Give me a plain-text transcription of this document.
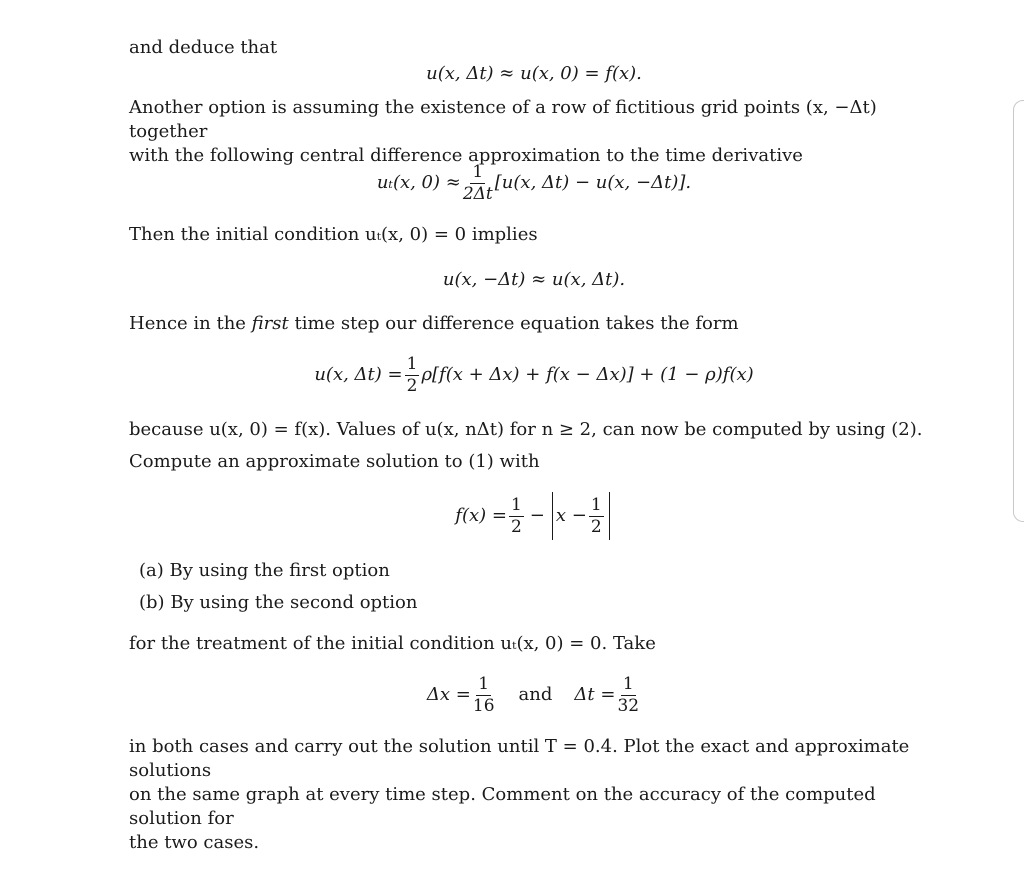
and deduce that
u(x, Δt) ≈ u(x, 0) = f(x).
Another option is assuming the existence of a row of fictitious grid points (x, −Δt) together
with the following central difference approximation to the time derivative
uₜ(x, $0) \approx \frac{1}{2\Delta t} [u(x$, Δt) − u(x, −Δt)].
Then the initial condition uₜ(x, 0) = 0 implies
u(x, −Δt) ≈ u(x, Δt).
Hence in the first time step our difference equation takes the form
u(x, $\Delta t) = \frac{1}{2} \rho[f(x + \Delta x) + f(x - \Delta x)] + (1 - \rho)f(x)$
because u(x, 0) = f(x). Values of u(x, nΔt) for n ≥ 2, can now be computed by using (2).
Compute an approximate solution to (1) with
$f(x) = \frac{1}{2} - x - \frac{1}{2}$
(a) By using the first option
(b) By using the second option
for the treatment of the initial condition uₜ(x, 0) = 0. Take
$\Delta x = \frac{1}{16}$ and $\Delta t = \frac{1}{32}$
in both cases and carry out the solution until T = 0.4. Plot the exact and approximate solutions
on the same graph at every time step. Comment on the accuracy of the computed solution for
the two cases.
